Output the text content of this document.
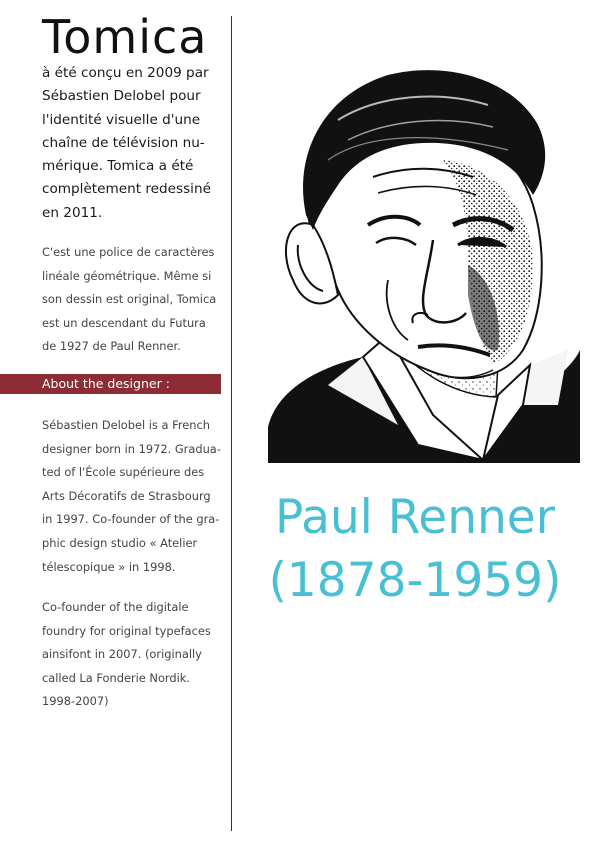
Tomica
à été conçu en 2009 par
Sébastien Delobel pour
l'identité visuelle d'une
chaîne de télévision nu-
mérique. Tomica a été
complètement redessiné
en 2011.
C'est une police de caractères
linéale géométrique. Même si
son dessin est original, Tomica
est un descendant du Futura
de 1927 de Paul Renner.
About the designer :
Sébastien Delobel is a French
designer born in 1972. Gradua-
ted of l'École supérieure des
Arts Décoratifs de Strasbourg
in 1997. Co-founder of the gra-
phic design studio « Atelier
télescopique » in 1998.
Co-founder of the digitale
foundry for original typefaces
ainsifont in 2007. (originally
called La Fonderie Nordik.
1998-2007)
Paul Renner
(1878-1959)
